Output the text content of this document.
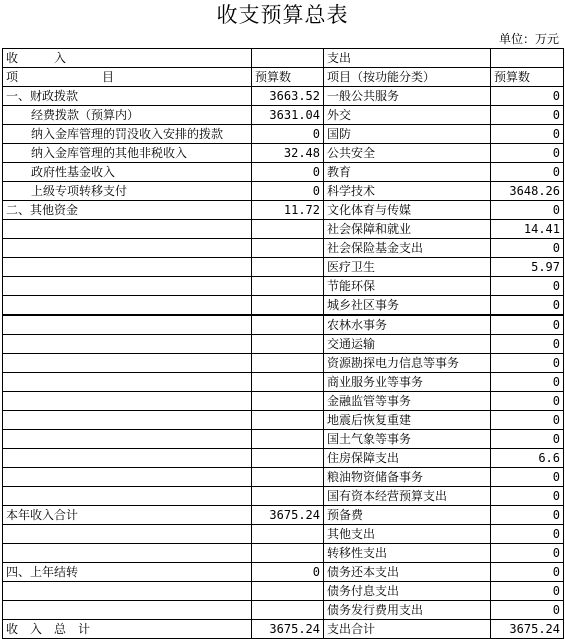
收支预算总表
单位：万元
收　　　入		支出	
项　　　　　　　目	预算数	项目（按功能分类）	预算数
一、财政拨款	3663.52	一般公共服务	0
经费拨款（预算内）	3631.04	外交	0
纳入金库管理的罚没收入安排的拨款	0	国防	0
纳入金库管理的其他非税收入	32.48	公共安全	0
政府性基金收入	0	教育	0
上级专项转移支付	0	科学技术	3648.26
二、其他资金	11.72	文化体育与传媒	0
		社会保障和就业	14.41
		社会保险基金支出	0
		医疗卫生	5.97
		节能环保	0
		城乡社区事务	0
		农林水事务	0
		交通运输	0
		资源勘探电力信息等事务	0
		商业服务业等事务	0
		金融监管等事务	0
		地震后恢复重建	0
		国土气象等事务	0
		住房保障支出	6.6
		粮油物资储备事务	0
		国有资本经营预算支出	0
本年收入合计	3675.24	预备费	0
		其他支出	0
		转移性支出	0
四、上年结转	0	债务还本支出	0
		债务付息支出	0
		债务发行费用支出	0
收　入　总　计	3675.24	支出合计	3675.24
